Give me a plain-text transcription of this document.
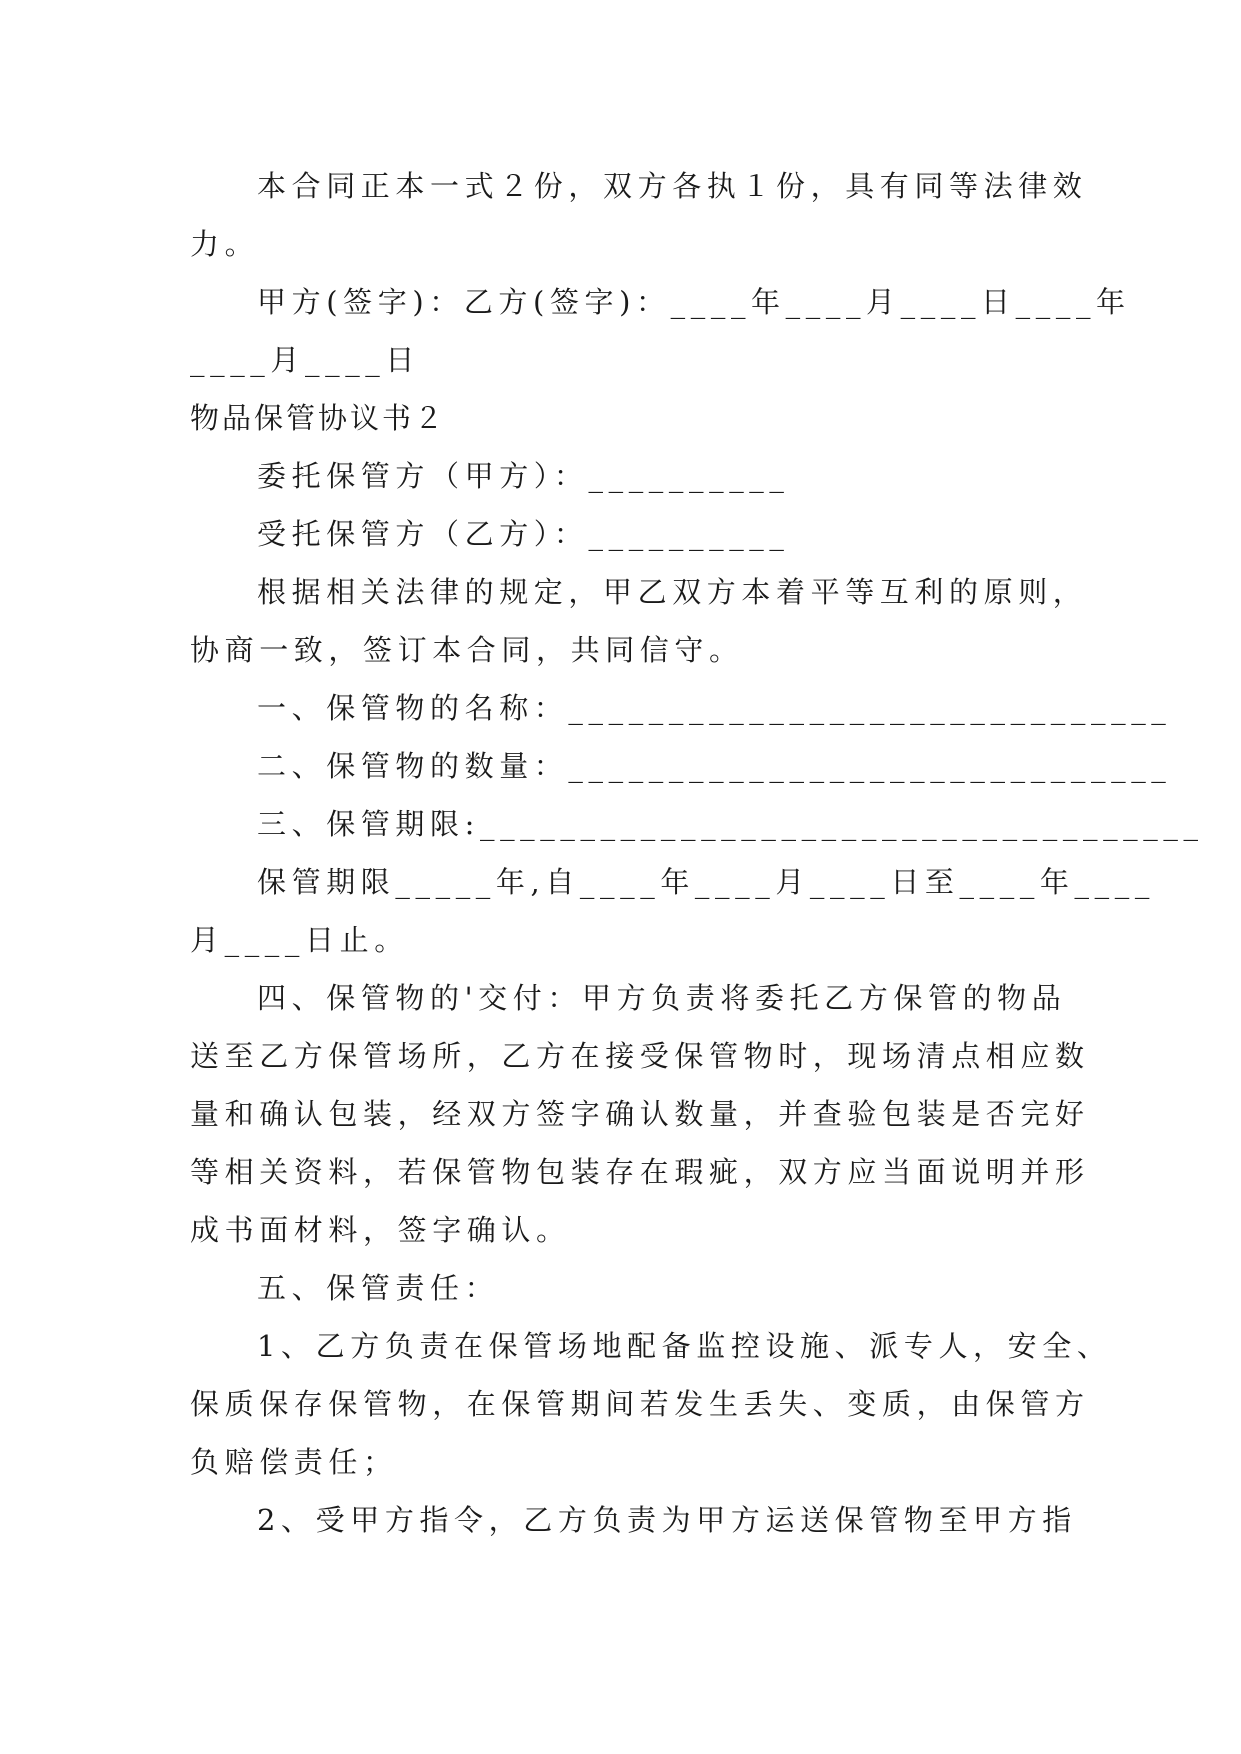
本合同正本一式２份，双方各执１份，具有同等法律效
力。
甲方(签字)：乙方(签字)：____年____月____日____年
____月____日
物品保管协议书２
委托保管方（甲方）：__________
受托保管方（乙方）：__________
根据相关法律的规定，甲乙双方本着平等互利的原则，
协商一致，签订本合同，共同信守。
一、保管物的名称：______________________________
二、保管物的数量：______________________________
三、保管期限:____________________________________
保管期限_____年,自____年____月____日至____年____
月____日止。
四、保管物的'交付：甲方负责将委托乙方保管的物品
送至乙方保管场所，乙方在接受保管物时，现场清点相应数
量和确认包装，经双方签字确认数量，并查验包装是否完好
等相关资料，若保管物包装存在瑕疵，双方应当面说明并形
成书面材料，签字确认。
五、保管责任：
1、乙方负责在保管场地配备监控设施、派专人，安全、
保质保存保管物，在保管期间若发生丢失、变质，由保管方
负赔偿责任；
2、受甲方指令，乙方负责为甲方运送保管物至甲方指
